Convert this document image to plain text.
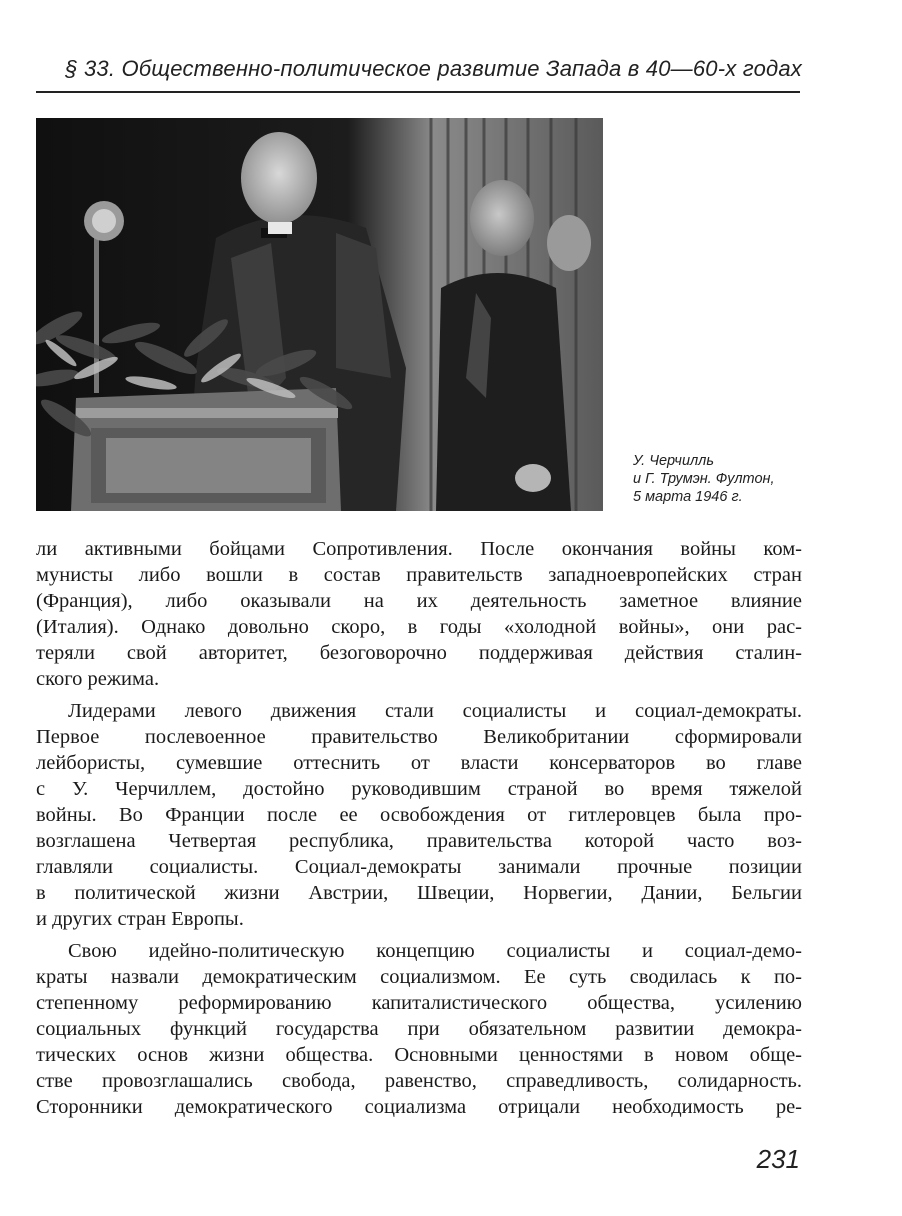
§ 33. Общественно-политическое развитие Запада в 40—60-х годах
У. Черчилль
и Г. Трумэн. Фултон,
5 марта 1946 г.
ли активными бойцами Сопротивления. После окончания войны ком-
мунисты либо вошли в состав правительств западноевропейских стран
(Франция), либо оказывали на их деятельность заметное влияние
(Италия). Однако довольно скоро, в годы «холодной войны», они рас-
теряли свой авторитет, безоговорочно поддерживая действия сталин-
ского режима.
Лидерами левого движения стали социалисты и социал-демократы.
Первое послевоенное правительство Великобритании сформировали
лейбористы, сумевшие оттеснить от власти консерваторов во главе
с У. Черчиллем, достойно руководившим страной во время тяжелой
войны. Во Франции после ее освобождения от гитлеровцев была про-
возглашена Четвертая республика, правительства которой часто воз-
главляли социалисты. Социал-демократы занимали прочные позиции
в политической жизни Австрии, Швеции, Норвегии, Дании, Бельгии
и других стран Европы.
Свою идейно-политическую концепцию социалисты и социал-демо-
краты назвали демократическим социализмом. Ее суть сводилась к по-
степенному реформированию капиталистического общества, усилению
социальных функций государства при обязательном развитии демокра-
тических основ жизни общества. Основными ценностями в новом обще-
стве провозглашались свобода, равенство, справедливость, солидарность.
Сторонники демократического социализма отрицали необходимость ре-
231
